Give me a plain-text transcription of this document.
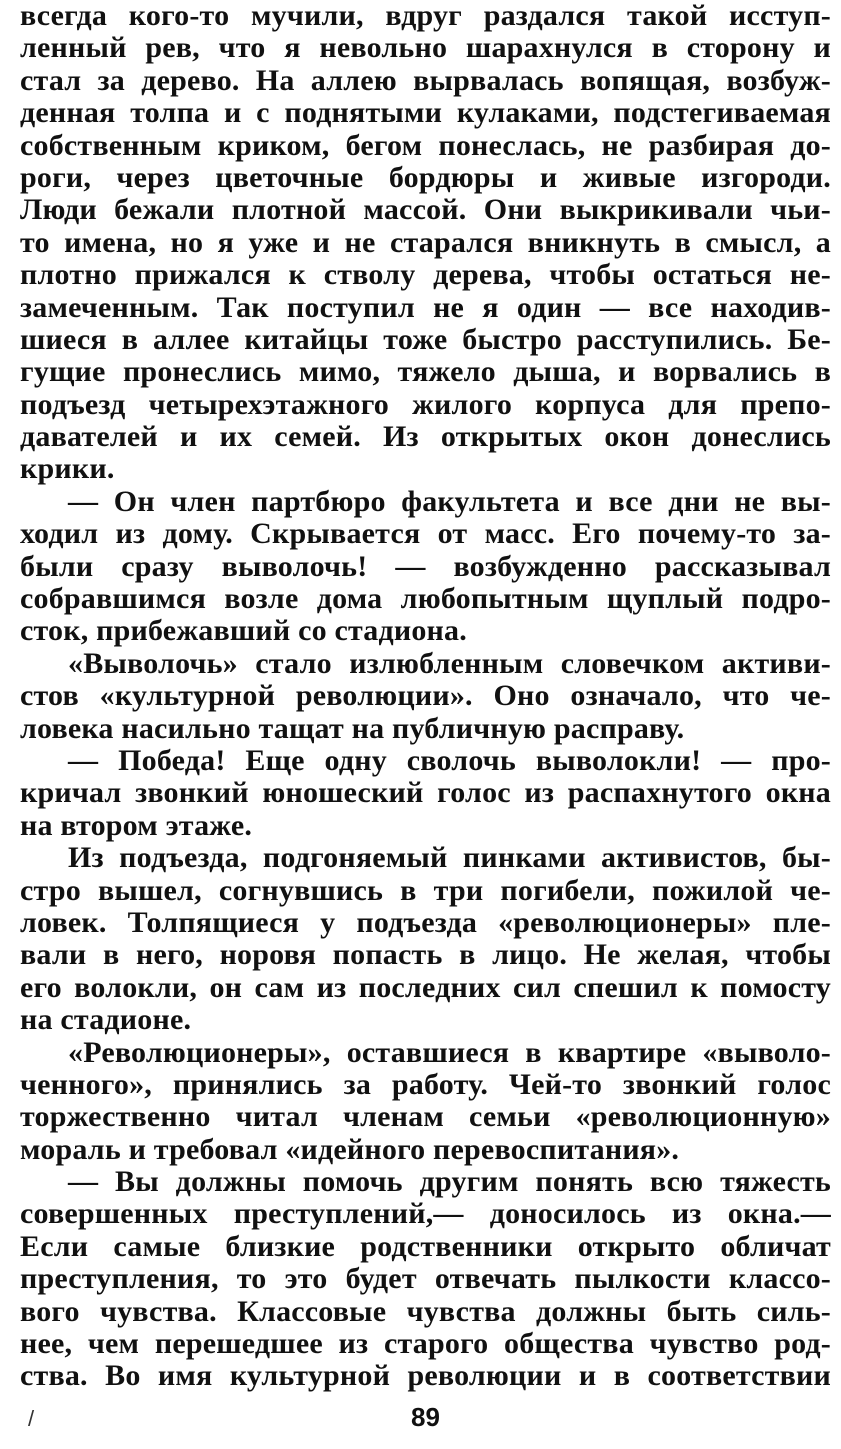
всегда кого-то мучили, вдруг раздался такой исступ-
ленный рев, что я невольно шарахнулся в сторону и
стал за дерево. На аллею вырвалась вопящая, возбуж-
денная толпа и с поднятыми кулаками, подстегиваемая
собственным криком, бегом понеслась, не разбирая до-
роги, через цветочные бордюры и живые изгороди.
Люди бежали плотной массой. Они выкрикивали чьи-
то имена, но я уже и не старался вникнуть в смысл, а
плотно прижался к стволу дерева, чтобы остаться не-
замеченным. Так поступил не я один — все находив-
шиеся в аллее китайцы тоже быстро расступились. Бе-
гущие пронеслись мимо, тяжело дыша, и ворвались в
подъезд четырехэтажного жилого корпуса для препо-
давателей и их семей. Из открытых окон донеслись
крики.
— Он член партбюро факультета и все дни не вы-
ходил из дому. Скрывается от масс. Его почему-то за-
были сразу выволочь! — возбужденно рассказывал
собравшимся возле дома любопытным щуплый подро-
сток, прибежавший со стадиона.
«Выволочь» стало излюбленным словечком активи-
стов «культурной революции». Оно означало, что че-
ловека насильно тащат на публичную расправу.
— Победа! Еще одну сволочь выволокли! — про-
кричал звонкий юношеский голос из распахнутого окна
на втором этаже.
Из подъезда, подгоняемый пинками активистов, бы-
стро вышел, согнувшись в три погибели, пожилой че-
ловек. Толпящиеся у подъезда «революционеры» пле-
вали в него, норовя попасть в лицо. Не желая, чтобы
его волокли, он сам из последних сил спешил к помосту
на стадионе.
«Революционеры», оставшиеся в квартире «выволо-
ченного», принялись за работу. Чей-то звонкий голос
торжественно читал членам семьи «революционную»
мораль и требовал «идейного перевоспитания».
— Вы должны помочь другим понять всю тяжесть
совершенных преступлений,— доносилось из окна.—
Если самые близкие родственники открыто обличат
преступления, то это будет отвечать пылкости классо-
вого чувства. Классовые чувства должны быть силь-
нее, чем перешедшее из старого общества чувство род-
ства. Во имя культурной революции и в соответствии
89
/
